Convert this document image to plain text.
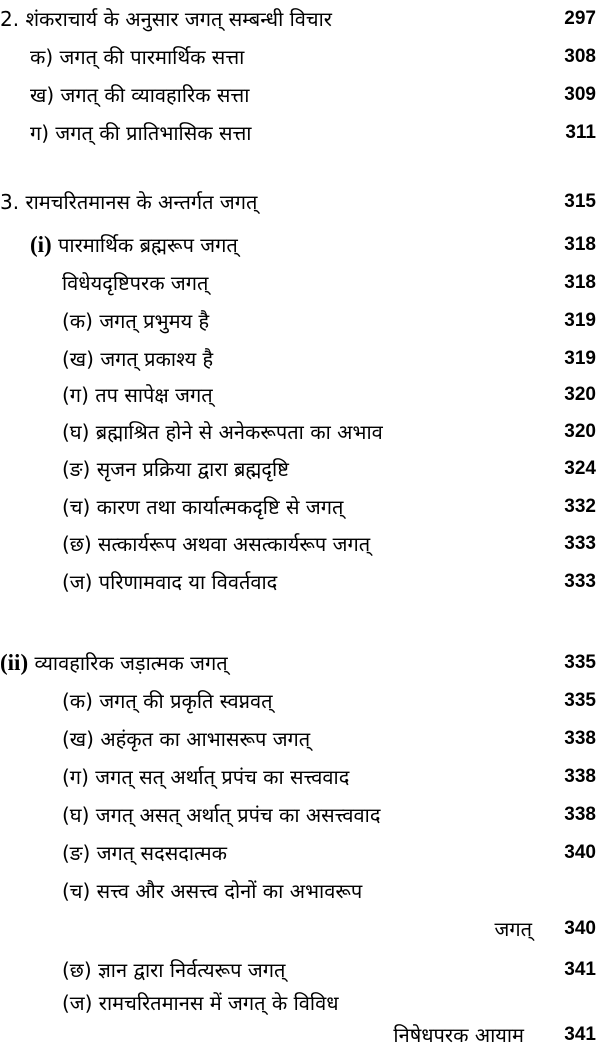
2. शंकराचार्य के अनुसार जगत् सम्बन्धी विचार	297
क) जगत् की पारमार्थिक सत्ता	308
ख) जगत् की व्यावहारिक सत्ता	309
ग) जगत् की प्रातिभासिक सत्ता	311
3. रामचरितमानस के अन्तर्गत जगत्	315
(i) पारमार्थिक ब्रह्मरूप जगत्	318
विधेयदृष्टिपरक जगत्	318
(क) जगत् प्रभुमय है	319
(ख) जगत् प्रकाश्य है	319
(ग) तप सापेक्ष जगत्	320
(घ) ब्रह्माश्रित होने से अनेकरूपता का अभाव	320
(ङ) सृजन प्रक्रिया द्वारा ब्रह्मदृष्टि	324
(च) कारण तथा कार्यात्मकदृष्टि से जगत्	332
(छ) सत्कार्यरूप अथवा असत्कार्यरूप जगत्	333
(ज) परिणामवाद या विवर्तवाद	333
(ii) व्यावहारिक जड़ात्मक जगत्	335
(क) जगत् की प्रकृति स्वप्नवत्	335
(ख) अहंकृत का आभासरूप जगत्	338
(ग) जगत् सत् अर्थात् प्रपंच का सत्त्ववाद	338
(घ) जगत् असत् अर्थात् प्रपंच का असत्त्ववाद	338
(ङ) जगत् सदसदात्मक	340
(च) सत्त्व और असत्त्व दोनों का अभावरूप
जगत्	340
(छ) ज्ञान द्वारा निर्वत्यरूप जगत्	341
(ज) रामचरितमानस में जगत् के विविध
निषेधपरक आयाम	341
